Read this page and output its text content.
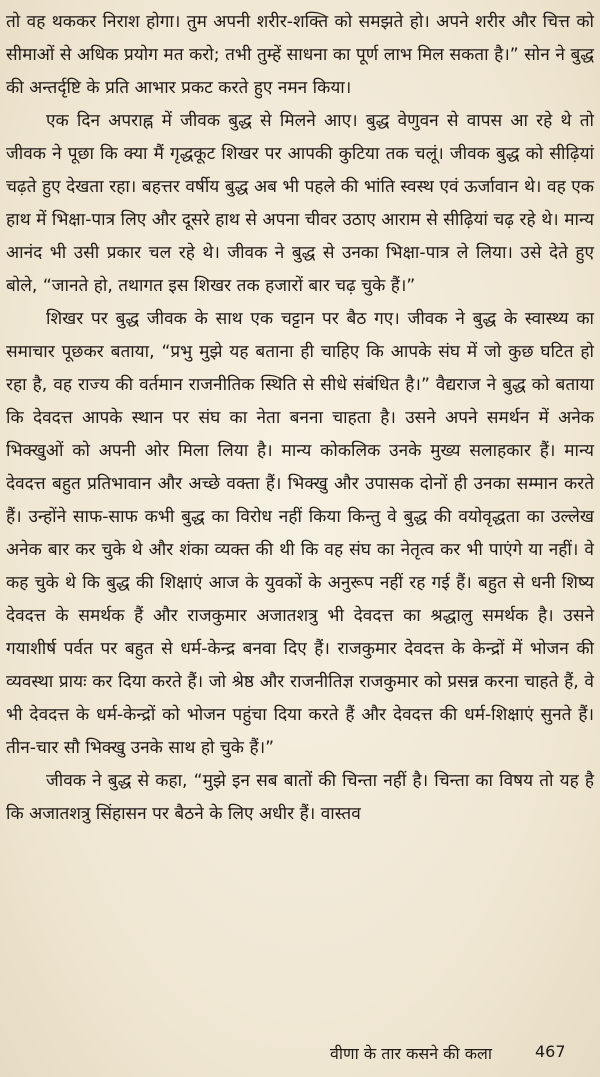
तो वह थककर निराश होगा। तुम अपनी शरीर-शक्ति को समझते हो। अपने शरीर और चित्त को सीमाओं से अधिक प्रयोग मत करो; तभी तुम्हें साधना का पूर्ण लाभ मिल सकता है।” सोन ने बुद्ध की अन्तर्दृष्टि के प्रति आभार प्रकट करते हुए नमन किया।

एक दिन अपराह्न में जीवक बुद्ध से मिलने आए। बुद्ध वेणुवन से वापस आ रहे थे तो जीवक ने पूछा कि क्या मैं गृद्धकूट शिखर पर आपकी कुटिया तक चलूं। जीवक बुद्ध को सीढ़ियां चढ़ते हुए देखता रहा। बहत्तर वर्षीय बुद्ध अब भी पहले की भांति स्वस्थ एवं ऊर्जावान थे। वह एक हाथ में भिक्षा-पात्र लिए और दूसरे हाथ से अपना चीवर उठाए आराम से सीढ़ियां चढ़ रहे थे। मान्य आनंद भी उसी प्रकार चल रहे थे। जीवक ने बुद्ध से उनका भिक्षा-पात्र ले लिया। उसे देते हुए बोले, “जानते हो, तथागत इस शिखर तक हजारों बार चढ़ चुके हैं।”

शिखर पर बुद्ध जीवक के साथ एक चट्टान पर बैठ गए। जीवक ने बुद्ध के स्वास्थ्य का समाचार पूछकर बताया, “प्रभु मुझे यह बताना ही चाहिए कि आपके संघ में जो कुछ घटित हो रहा है, वह राज्य की वर्तमान राजनीतिक स्थिति से सीधे संबंधित है।” वैद्यराज ने बुद्ध को बताया कि देवदत्त आपके स्थान पर संघ का नेता बनना चाहता है। उसने अपने समर्थन में अनेक भिक्खुओं को अपनी ओर मिला लिया है। मान्य कोकलिक उनके मुख्य सलाहकार हैं। मान्य देवदत्त बहुत प्रतिभावान और अच्छे वक्ता हैं। भिक्खु और उपासक दोनों ही उनका सम्मान करते हैं। उन्होंने साफ-साफ कभी बुद्ध का विरोध नहीं किया किन्तु वे बुद्ध की वयोवृद्धता का उल्लेख अनेक बार कर चुके थे और शंका व्यक्त की थी कि वह संघ का नेतृत्व कर भी पाएंगे या नहीं। वे कह चुके थे कि बुद्ध की शिक्षाएं आज के युवकों के अनुरूप नहीं रह गई हैं। बहुत से धनी शिष्य देवदत्त के समर्थक हैं और राजकुमार अजातशत्रु भी देवदत्त का श्रद्धालु समर्थक है। उसने गयाशीर्ष पर्वत पर बहुत से धर्म-केन्द्र बनवा दिए हैं। राजकुमार देवदत्त के केन्द्रों में भोजन की व्यवस्था प्रायः कर दिया करते हैं। जो श्रेष्ठ और राजनीतिज्ञ राजकुमार को प्रसन्न करना चाहते हैं, वे भी देवदत्त के धर्म-केन्द्रों को भोजन पहुंचा दिया करते हैं और देवदत्त की धर्म-शिक्षाएं सुनते हैं। तीन-चार सौ भिक्खु उनके साथ हो चुके हैं।”

जीवक ने बुद्ध से कहा, “मुझे इन सब बातों की चिन्ता नहीं है। चिन्ता का विषय तो यह है कि अजातशत्रु सिंहासन पर बैठने के लिए अधीर हैं। वास्तव

वीणा के तार कसने की कला	467
